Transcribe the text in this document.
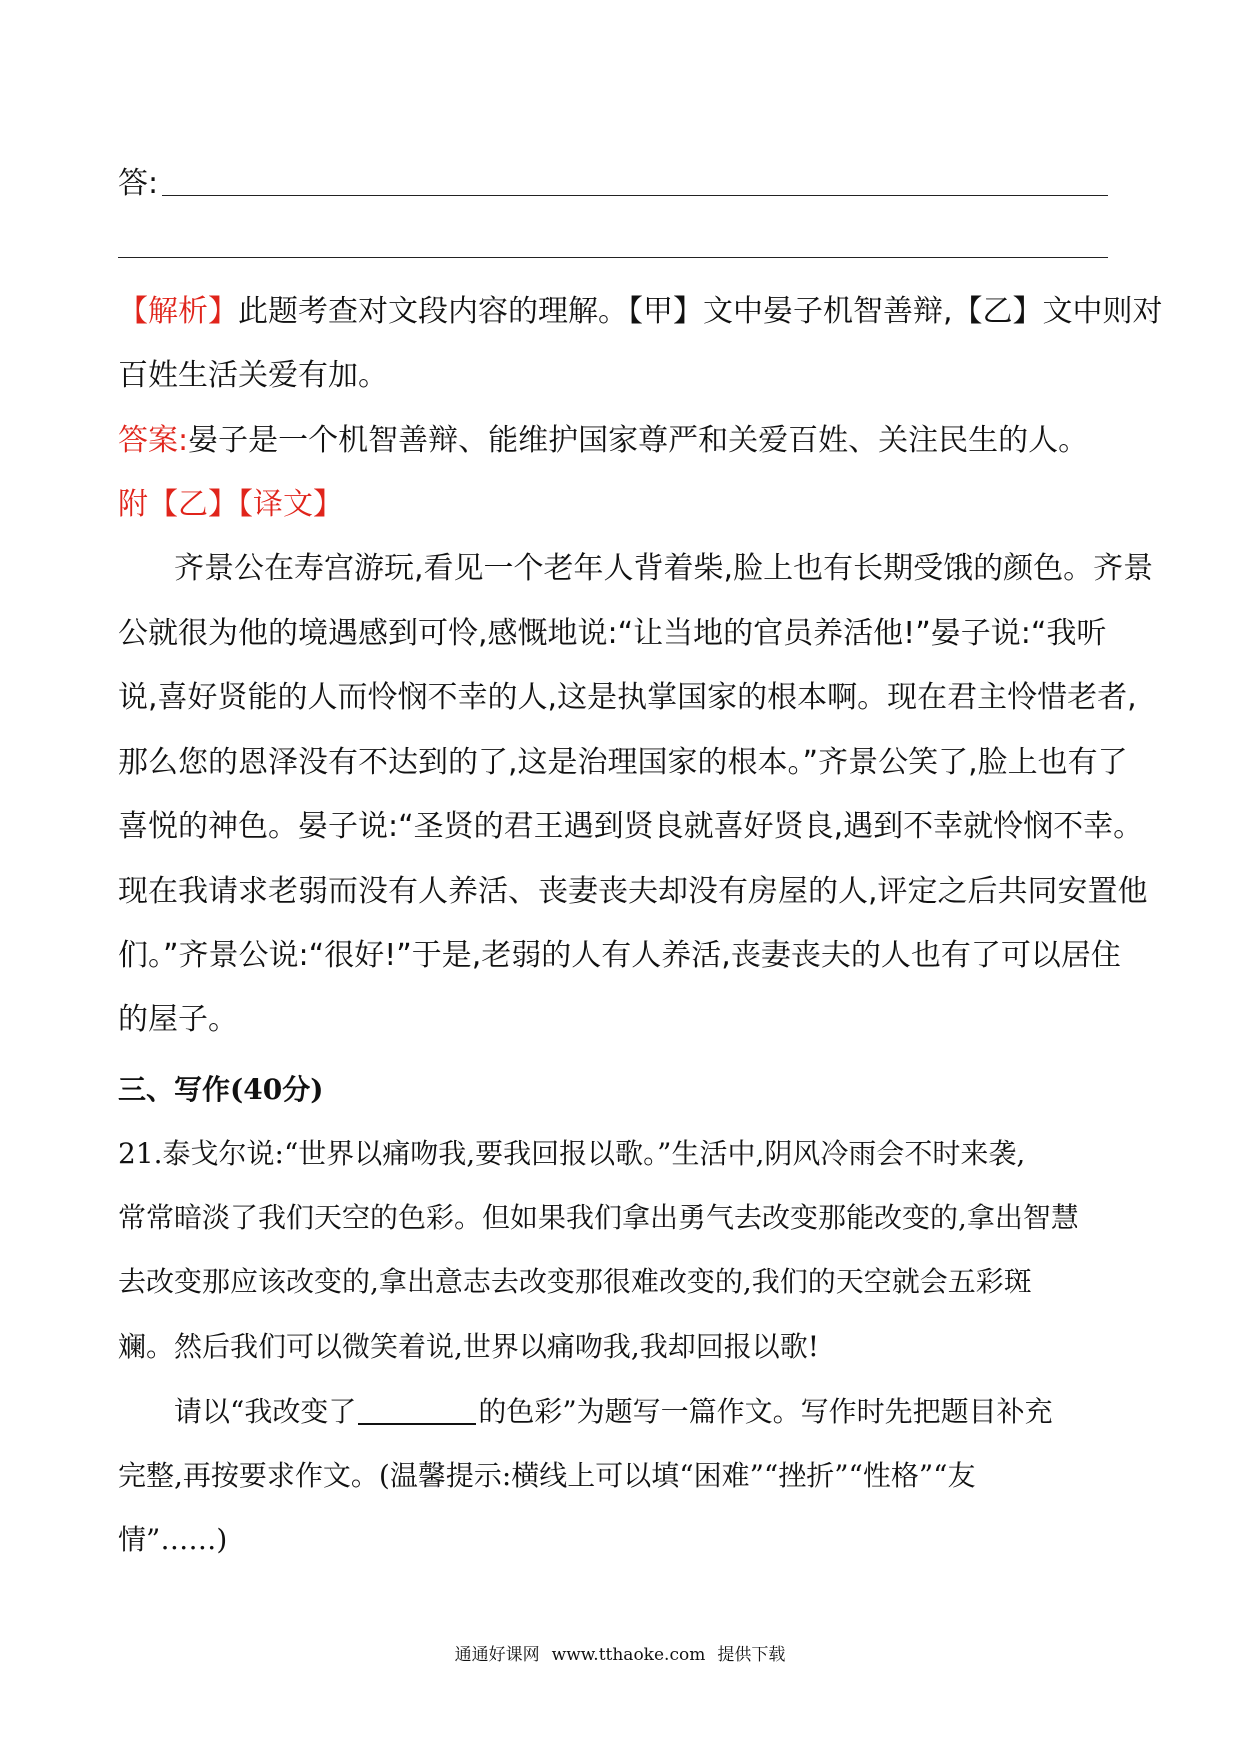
答:
【解析】此题考查对文段内容的理解。【甲】文中晏子机智善辩,【乙】文中则对
百姓生活关爱有加。
答案:晏子是一个机智善辩、能维护国家尊严和关爱百姓、关注民生的人。
附【乙】【译文】
齐景公在寿宫游玩,看见一个老年人背着柴,脸上也有长期受饿的颜色。齐景
公就很为他的境遇感到可怜,感慨地说:“让当地的官员养活他!”晏子说:“我听
说,喜好贤能的人而怜悯不幸的人,这是执掌国家的根本啊。现在君主怜惜老者,
那么您的恩泽没有不达到的了,这是治理国家的根本。”齐景公笑了,脸上也有了
喜悦的神色。晏子说:“圣贤的君王遇到贤良就喜好贤良,遇到不幸就怜悯不幸。
现在我请求老弱而没有人养活、丧妻丧夫却没有房屋的人,评定之后共同安置他
们。”齐景公说:“很好!”于是,老弱的人有人养活,丧妻丧夫的人也有了可以居住
的屋子。
三、写作(40分)
21.泰戈尔说:“世界以痛吻我,要我回报以歌。”生活中,阴风冷雨会不时来袭,
常常暗淡了我们天空的色彩。但如果我们拿出勇气去改变那能改变的,拿出智慧
去改变那应该改变的,拿出意志去改变那很难改变的,我们的天空就会五彩斑
斓。然后我们可以微笑着说,世界以痛吻我,我却回报以歌!
请以“我改变了	的色彩”为题写一篇作文。写作时先把题目补充
完整,再按要求作文。(温馨提示:横线上可以填“困难”“挫折”“性格”“友
情”……)
通通好课网 www.tthaoke.com 提供下载
